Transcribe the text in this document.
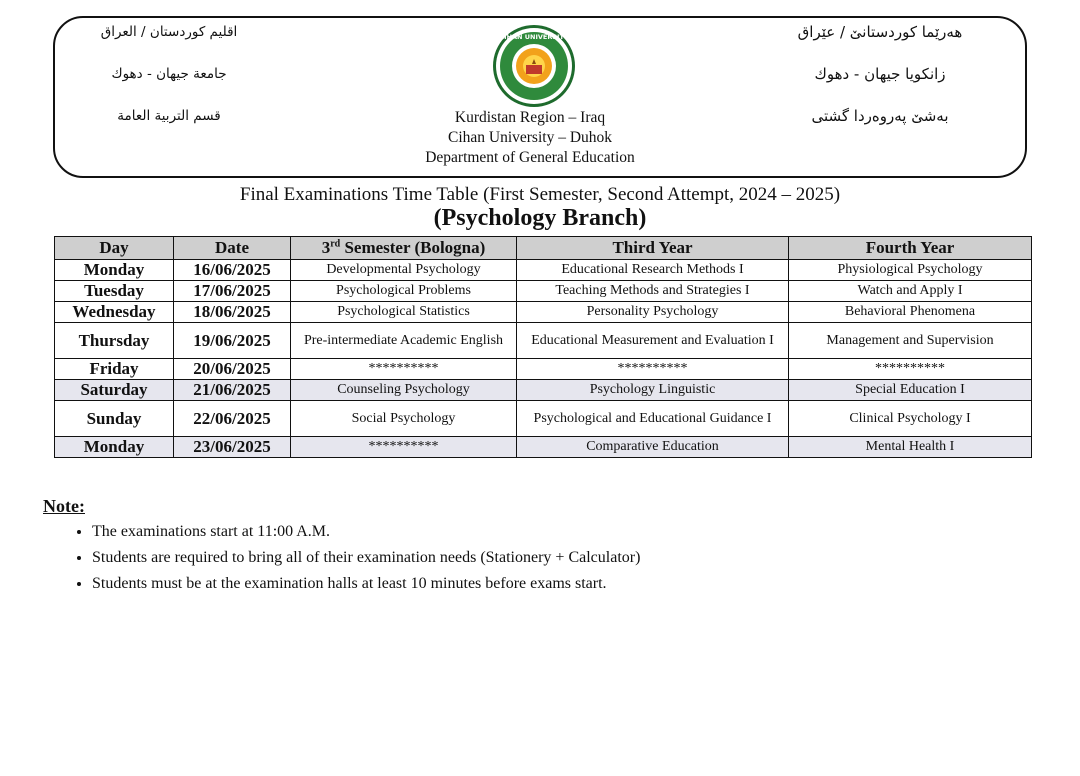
اقليم كوردستان / العراق
جامعة جيهان - دهوك
قسم التربية العامة
هەرێما کوردستانێ / عێراق
زانكویا جیهان - دهوك
بەشێ پەروەردا گشتی
CIHAN UNIVERSITY
Kurdistan Region – Iraq
Cihan University – Duhok
Department of General Education
Final Examinations Time Table (First Semester, Second Attempt, 2024 – 2025)
(Psychology Branch)
Day	Date	3rd Semester (Bologna)	Third Year	Fourth Year
Monday	16/06/2025	Developmental Psychology	Educational Research Methods I	Physiological Psychology
Tuesday	17/06/2025	Psychological Problems	Teaching Methods and Strategies I	Watch and Apply I
Wednesday	18/06/2025	Psychological Statistics	Personality Psychology	Behavioral Phenomena
Thursday	19/06/2025	Pre-intermediate Academic English	Educational Measurement and Evaluation I	Management and Supervision
Friday	20/06/2025	**********	**********	**********
Saturday	21/06/2025	Counseling Psychology	Psychology Linguistic	Special Education I
Sunday	22/06/2025	Social Psychology	Psychological and Educational Guidance I	Clinical Psychology I
Monday	23/06/2025	**********	Comparative Education	Mental Health I
Note:
• The examinations start at 11:00 A.M.
• Students are required to bring all of their examination needs (Stationery + Calculator)
• Students must be at the examination halls at least 10 minutes before exams start.
